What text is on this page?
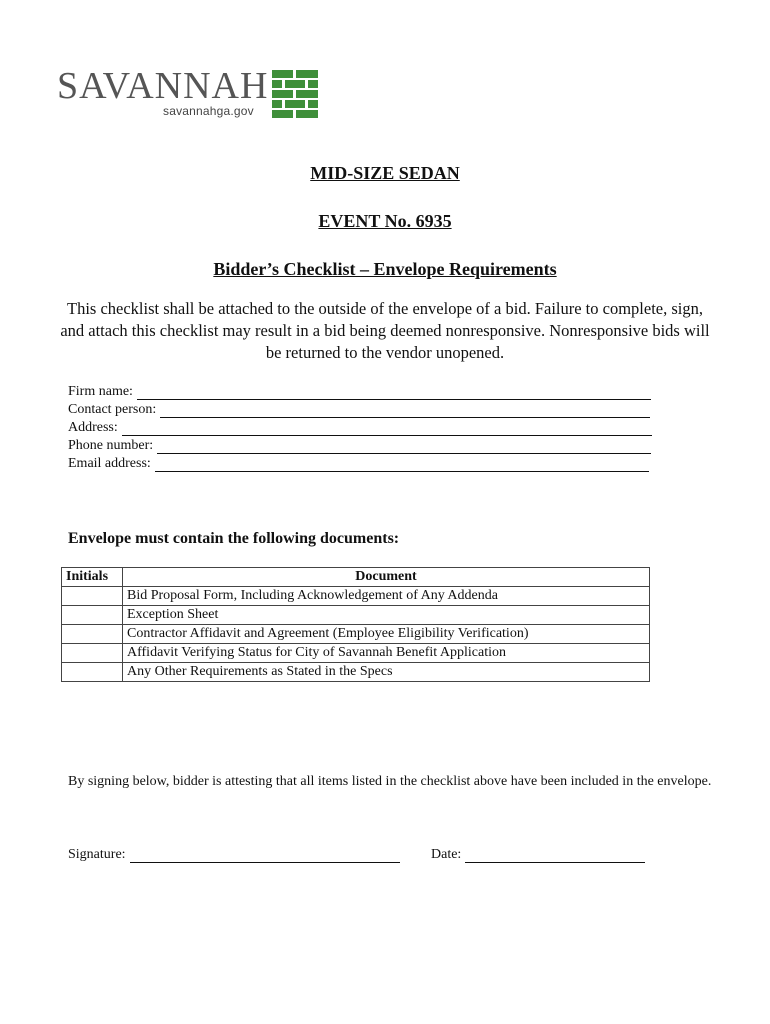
SAVANNAH
savannahga.gov
MID-SIZE SEDAN
EVENT No. 6935
Bidder’s Checklist – Envelope Requirements
This checklist shall be attached to the outside of the envelope of a bid. Failure to complete, sign, and attach this checklist may result in a bid being deemed nonresponsive. Nonresponsive bids will be returned to the vendor unopened.
Firm name:
Contact person:
Address:
Phone number:
Email address:
Envelope must contain the following documents:
Initials	Document
	Bid Proposal Form, Including Acknowledgement of Any Addenda
	Exception Sheet
	Contractor Affidavit and Agreement (Employee Eligibility Verification)
	Affidavit Verifying Status for City of Savannah Benefit Application
	Any Other Requirements as Stated in the Specs
By signing below, bidder is attesting that all items listed in the checklist above have been included in the envelope.
Signature:	Date:
